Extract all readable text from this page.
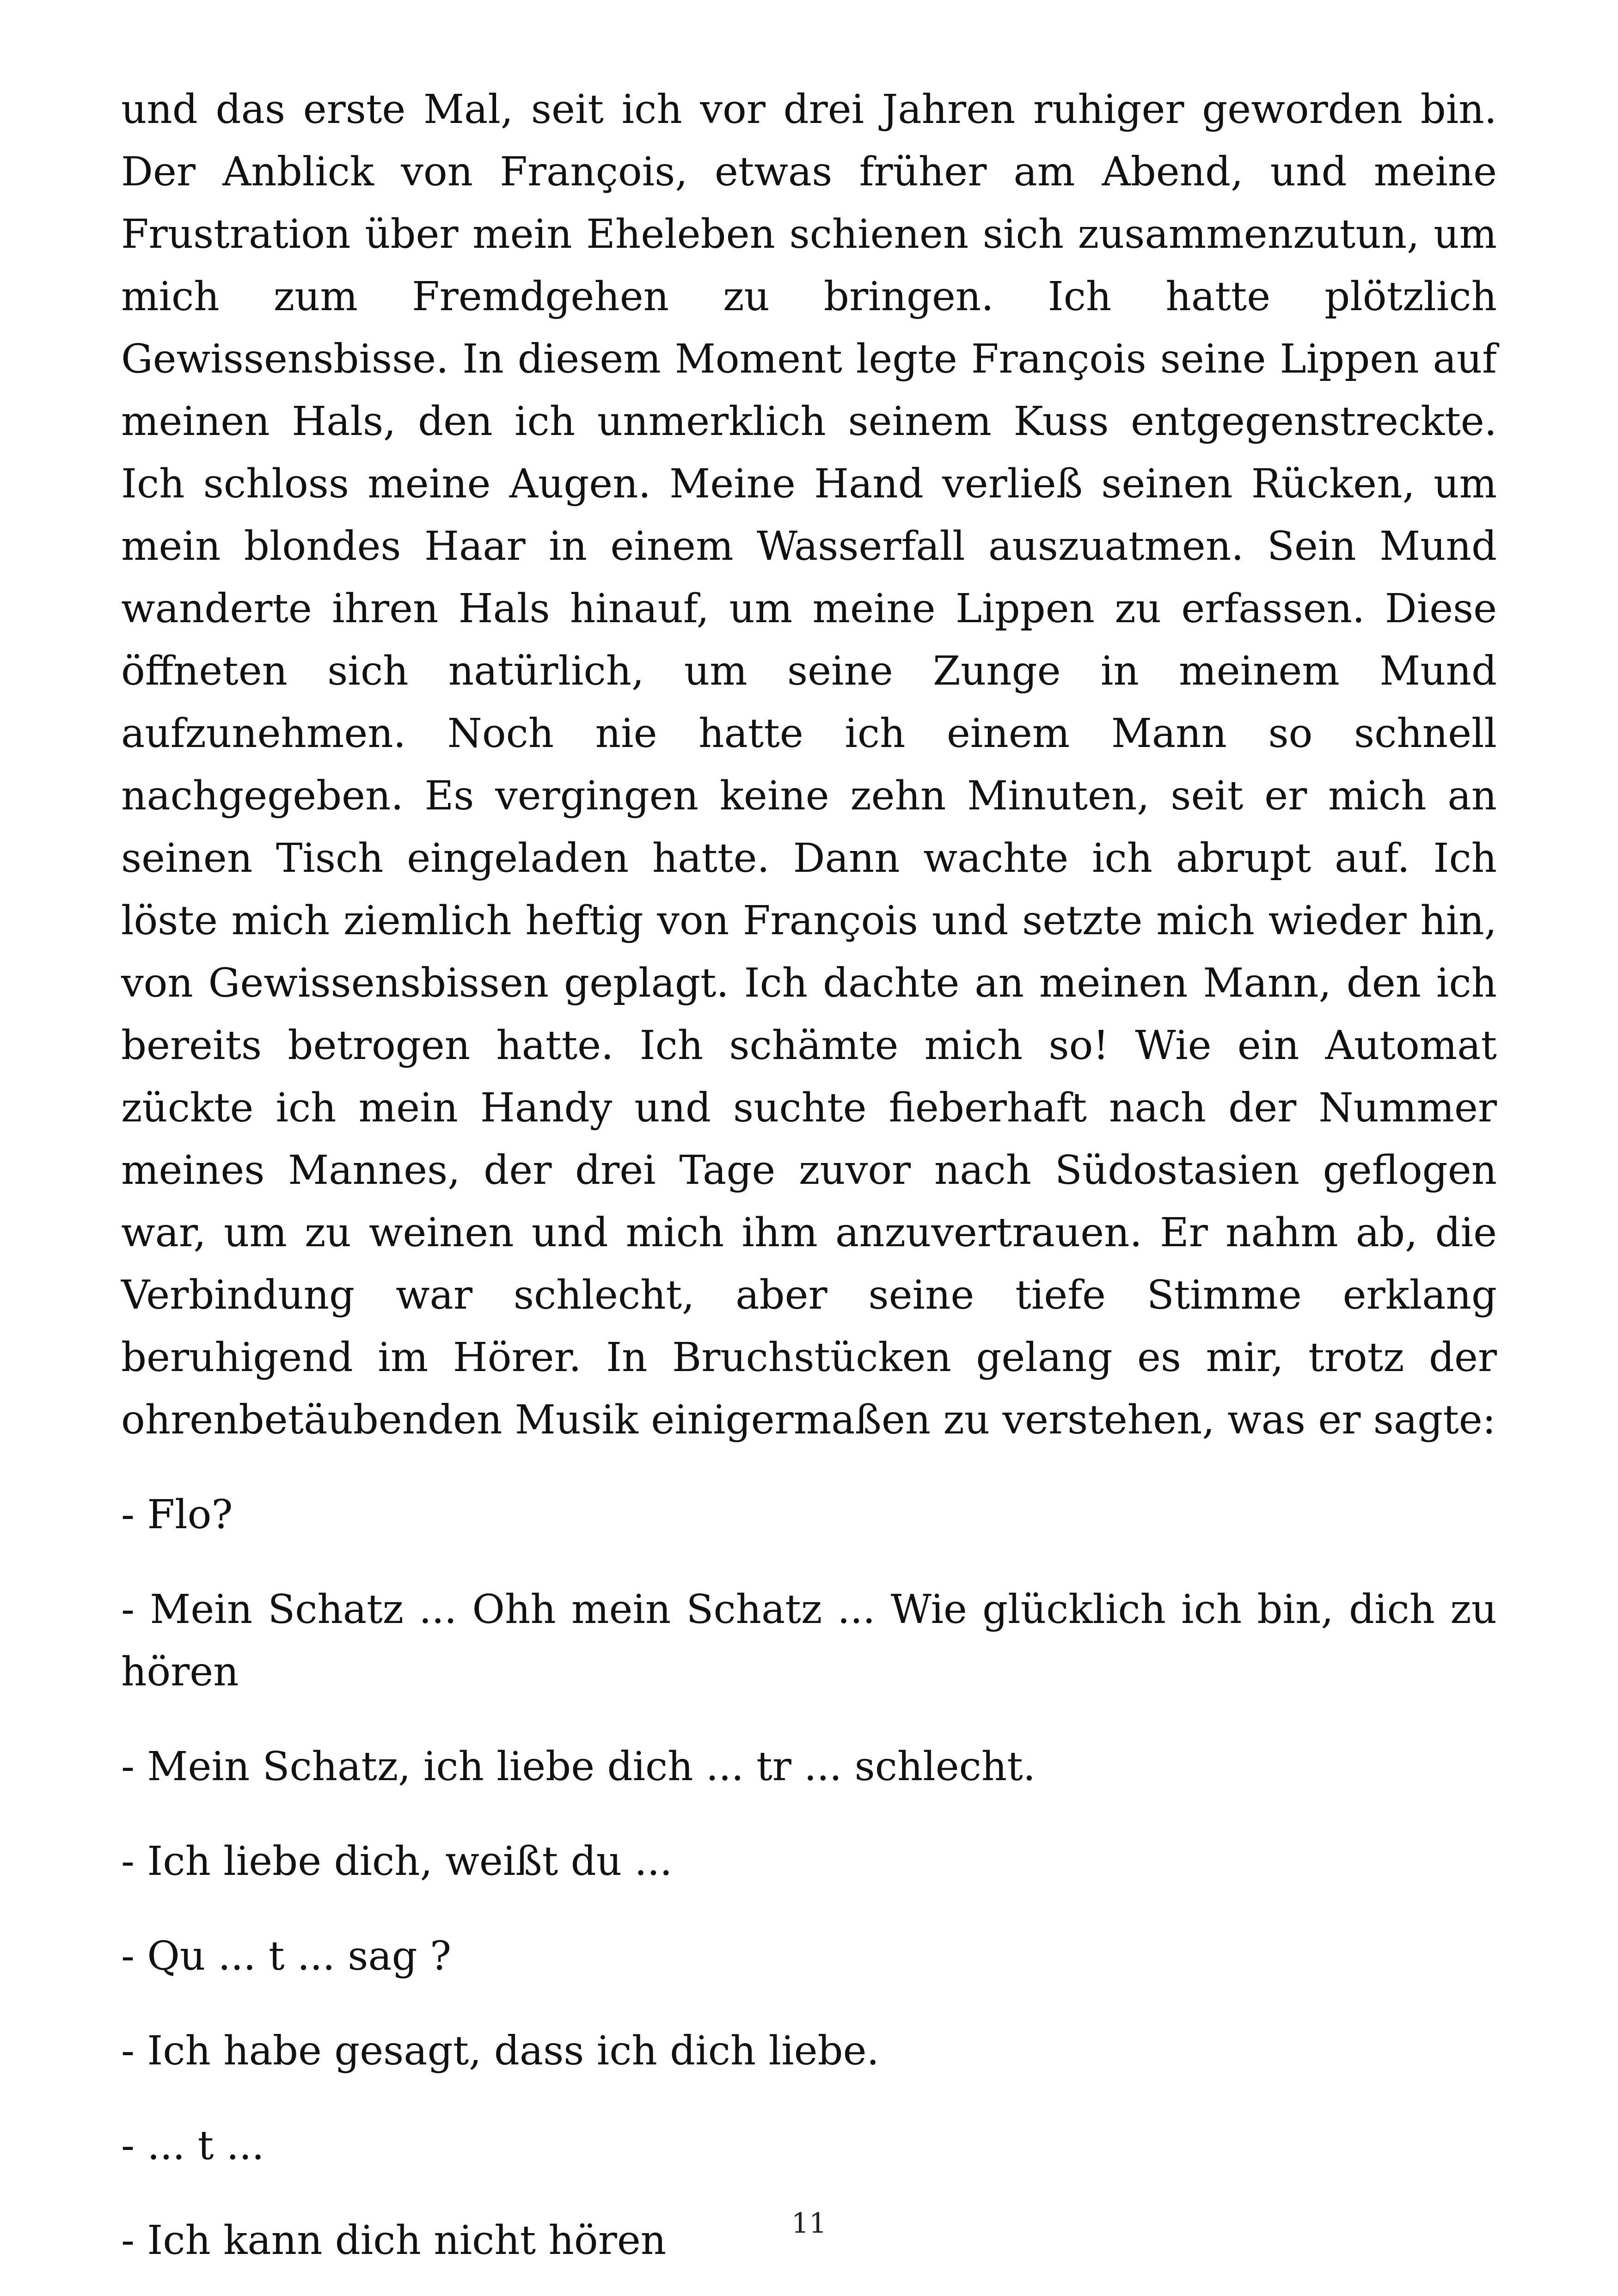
und das erste Mal, seit ich vor drei Jahren ruhiger geworden bin. Der Anblick von François, etwas früher am Abend, und meine Frustration über mein Eheleben schienen sich zusammenzutun, um mich zum Fremdgehen zu bringen. Ich hatte plötzlich Gewissensbisse. In diesem Moment legte François seine Lippen auf meinen Hals, den ich unmerklich seinem Kuss entgegenstreckte. Ich schloss meine Augen. Meine Hand verließ seinen Rücken, um mein blondes Haar in einem Wasserfall auszuatmen. Sein Mund wanderte ihren Hals hinauf, um meine Lippen zu erfassen. Diese öffneten sich natürlich, um seine Zunge in meinem Mund aufzunehmen. Noch nie hatte ich einem Mann so schnell nachgegeben. Es vergingen keine zehn Minuten, seit er mich an seinen Tisch eingeladen hatte. Dann wachte ich abrupt auf. Ich löste mich ziemlich heftig von François und setzte mich wieder hin, von Gewissensbissen geplagt. Ich dachte an meinen Mann, den ich bereits betrogen hatte. Ich schämte mich so! Wie ein Automat zückte ich mein Handy und suchte fieberhaft nach der Nummer meines Mannes, der drei Tage zuvor nach Südostasien geflogen war, um zu weinen und mich ihm anzuvertrauen. Er nahm ab, die Verbindung war schlecht, aber seine tiefe Stimme erklang beruhigend im Hörer. In Bruchstücken gelang es mir, trotz der ohrenbetäubenden Musik einigermaßen zu verstehen, was er sagte:

- Flo?

- Mein Schatz ... Ohh mein Schatz ... Wie glücklich ich bin, dich zu hören

- Mein Schatz, ich liebe dich ... tr ... schlecht.

- Ich liebe dich, weißt du ...

- Qu ... t ... sag ?

- Ich habe gesagt, dass ich dich liebe.

- ... t ...

- Ich kann dich nicht hören	11
